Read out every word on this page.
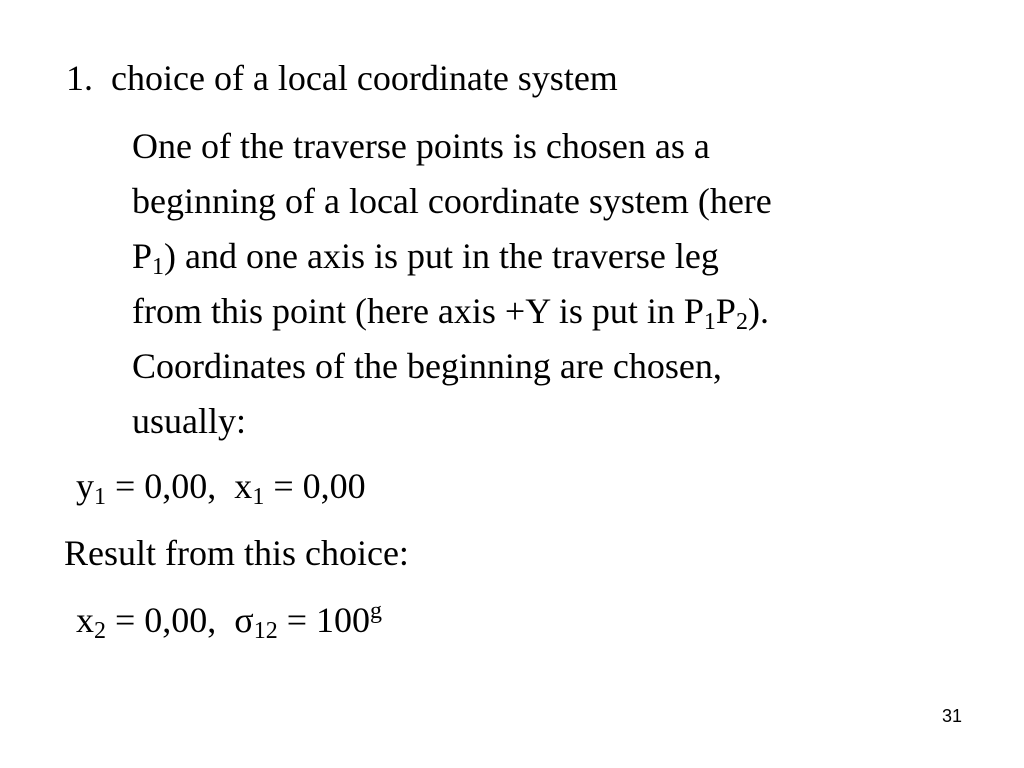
1. choice of a local coordinate system
One of the traverse points is chosen as a
beginning of a local coordinate system (here
$P_1$) and one axis is put in the traverse leg
from this point (here axis +Y is put in $P_1P_2$).
Coordinates of the beginning are chosen,
usually:
$y_1 = 0,00$,  $x_1 = 0,00$
Result from this choice:
$x_2 = 0,00$,  $\sigma_{12} = 100^g$
31
